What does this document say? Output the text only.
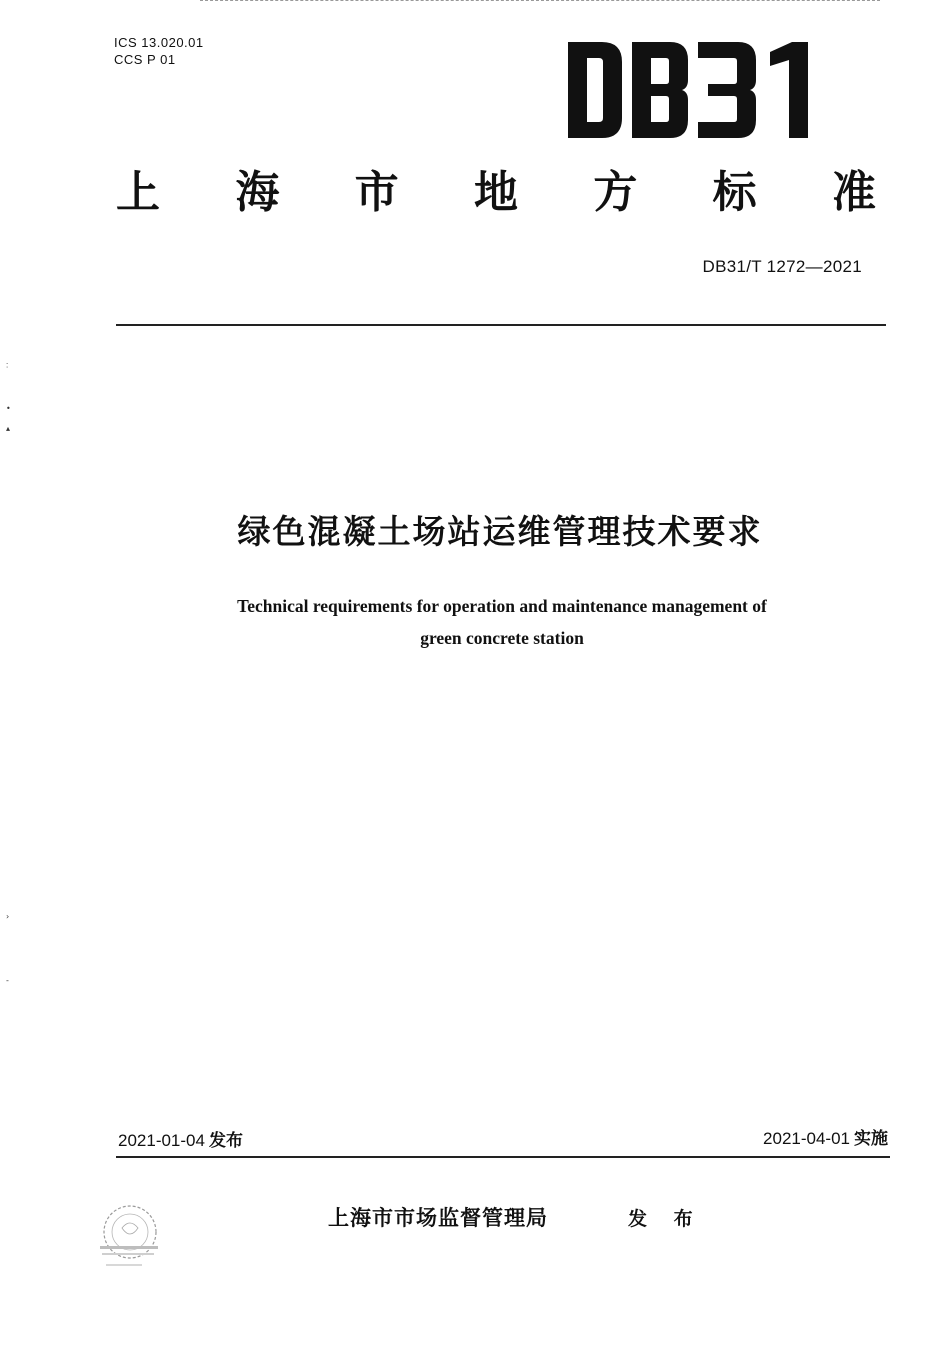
˸
•
▴
›
-
ICS 13.020.01
CCS P 01
DB31
上 海 市 地 方 标 准
DB31/T 1272—2021
绿色混凝土场站运维管理技术要求
Technical requirements for operation and maintenance management of
green concrete station
2021-01-04 发布	2021-04-01 实施
上海市市场监督管理局	发 布
